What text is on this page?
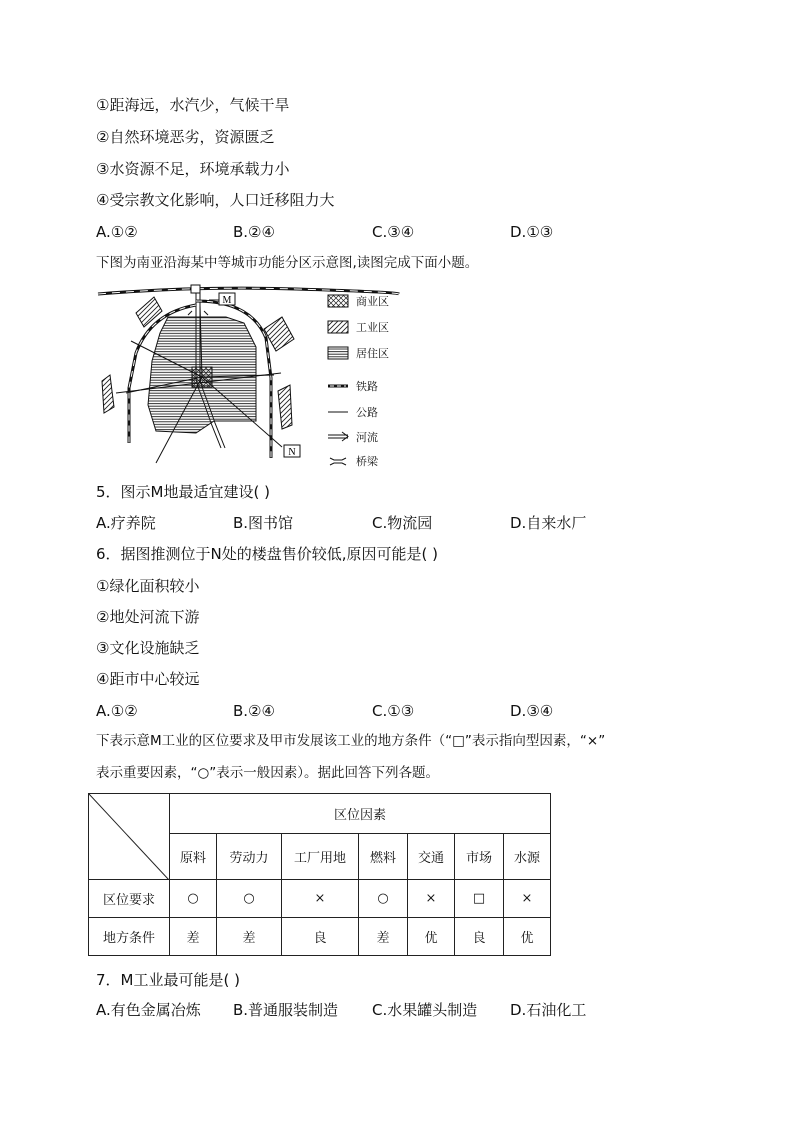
①距海远，水汽少，气候干旱
②自然环境恶劣，资源匮乏
③水资源不足，环境承载力小
④受宗教文化影响，人口迁移阻力大
A.①②	B.②④	C.③④	D.①③
下图为南亚沿海某中等城市功能分区示意图,读图完成下面小题。
M
N
商业区
工业区
居住区
铁路
公路
河流
桥梁
5．图示M地最适宜建设( )
A.疗养院	B.图书馆	C.物流园	D.自来水厂
6．据图推测位于N处的楼盘售价较低,原因可能是( )
①绿化面积较小
②地处河流下游
③文化设施缺乏
④距市中心较远
A.①②	B.②④	C.①③	D.③④
下表示意M工业的区位要求及甲市发展该工业的地方条件（“□”表示指向型因素，“×”
表示重要因素，“○”表示一般因素）。据此回答下列各题。
	区位因素						
	原料	劳动力	工厂用地	燃料	交通	市场	水源
区位要求	○	○	×	○	×	□	×
地方条件	差	差	良	差	优	良	优
7．M工业最可能是( )
A.有色金属冶炼 B.普通服装制造 C.水果罐头制造 D.石油化工
